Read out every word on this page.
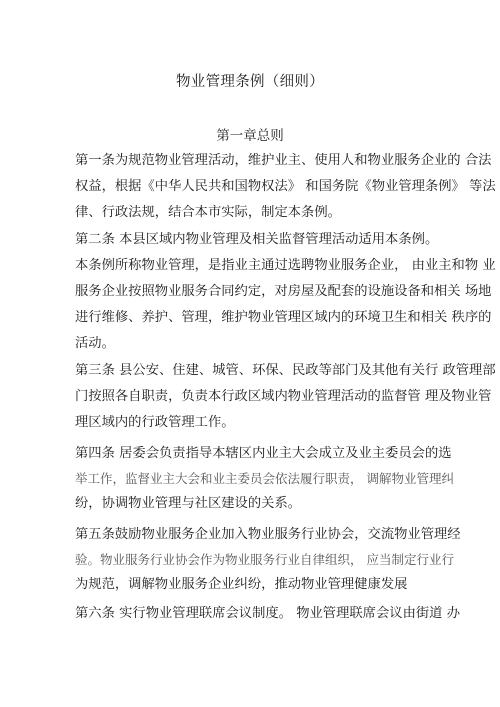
物业管理条例（细则）
第一章总则
第一条为规范物业管理活动，维护业主、使用人和物业服务企业的 合法
权益，根据《中华人民共和国物权法》 和国务院《物业管理条例》 等法
律、行政法规，结合本市实际，制定本条例。
第二条 本县区域内物业管理及相关监督管理活动适用本条例。
本条例所称物业管理，是指业主通过选聘物业服务企业， 由业主和物 业
服务企业按照物业服务合同约定，对房屋及配套的设施设备和相关 场地
进行维修、养护、管理，维护物业管理区域内的环境卫生和相关 秩序的
活动。
第三条 县公安、住建、城管、环保、民政等部门及其他有关行 政管理部
门按照各自职责，负责本行政区域内物业管理活动的监督管 理及物业管
理区域内的行政管理工作。
第四条 居委会负责指导本辖区内业主大会成立及业主委员会的选
举工作，监督业主大会和业主委员会依法履行职责， 调解物业管理纠
纷，协调物业管理与社区建设的关系。
第五条鼓励物业服务企业加入物业服务行业协会，交流物业管理经
验。物业服务行业协会作为物业服务行业自律组织， 应当制定行业行
为规范，调解物业服务企业纠纷，推动物业管理健康发展
第六条 实行物业管理联席会议制度。 物业管理联席会议由街道 办
